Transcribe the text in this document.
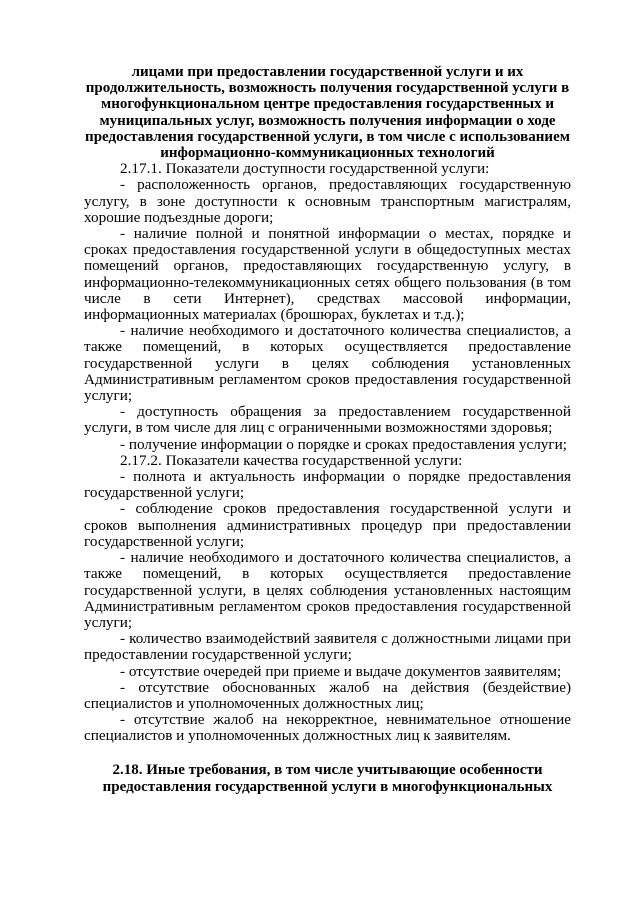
лицами при предоставлении государственной услуги и их
продолжительность, возможность получения государственной услуги в
многофункциональном центре предоставления государственных и
муниципальных услуг, возможность получения информации о ходе
предоставления государственной услуги, в том числе с использованием
информационно-коммуникационных технологий

2.17.1. Показатели доступности государственной услуги:

- расположенность органов, предоставляющих государственную услугу, в зоне доступности к основным транспортным магистралям, хорошие подъездные дороги;

- наличие полной и понятной информации о местах, порядке и сроках предоставления государственной услуги в общедоступных местах помещений органов, предоставляющих государственную услугу, в информационно-телекоммуникационных сетях общего пользования (в том числе в сети Интернет), средствах массовой информации, информационных материалах (брошюрах, буклетах и т.д.);

- наличие необходимого и достаточного количества специалистов, а также помещений, в которых осуществляется предоставление государственной услуги в целях соблюдения установленных Административным регламентом сроков предоставления государственной услуги;

- доступность обращения за предоставлением государственной услуги, в том числе для лиц с ограниченными возможностями здоровья;

- получение информации о порядке и сроках предоставления услуги;

2.17.2. Показатели качества государственной услуги:

- полнота и актуальность информации о порядке предоставления государственной услуги;

- соблюдение сроков предоставления государственной услуги и сроков выполнения административных процедур при предоставлении государственной услуги;

- наличие необходимого и достаточного количества специалистов, а также помещений, в которых осуществляется предоставление государственной услуги, в целях соблюдения установленных настоящим Административным регламентом сроков предоставления государственной услуги;

- количество взаимодействий заявителя с должностными лицами при предоставлении государственной услуги;

- отсутствие очередей при приеме и выдаче документов заявителям;

- отсутствие обоснованных жалоб на действия (бездействие) специалистов и уполномоченных должностных лиц;

- отсутствие жалоб на некорректное, невнимательное отношение специалистов и уполномоченных должностных лиц к заявителям.

2.18. Иные требования, в том числе учитывающие особенности
предоставления государственной услуги в многофункциональных
